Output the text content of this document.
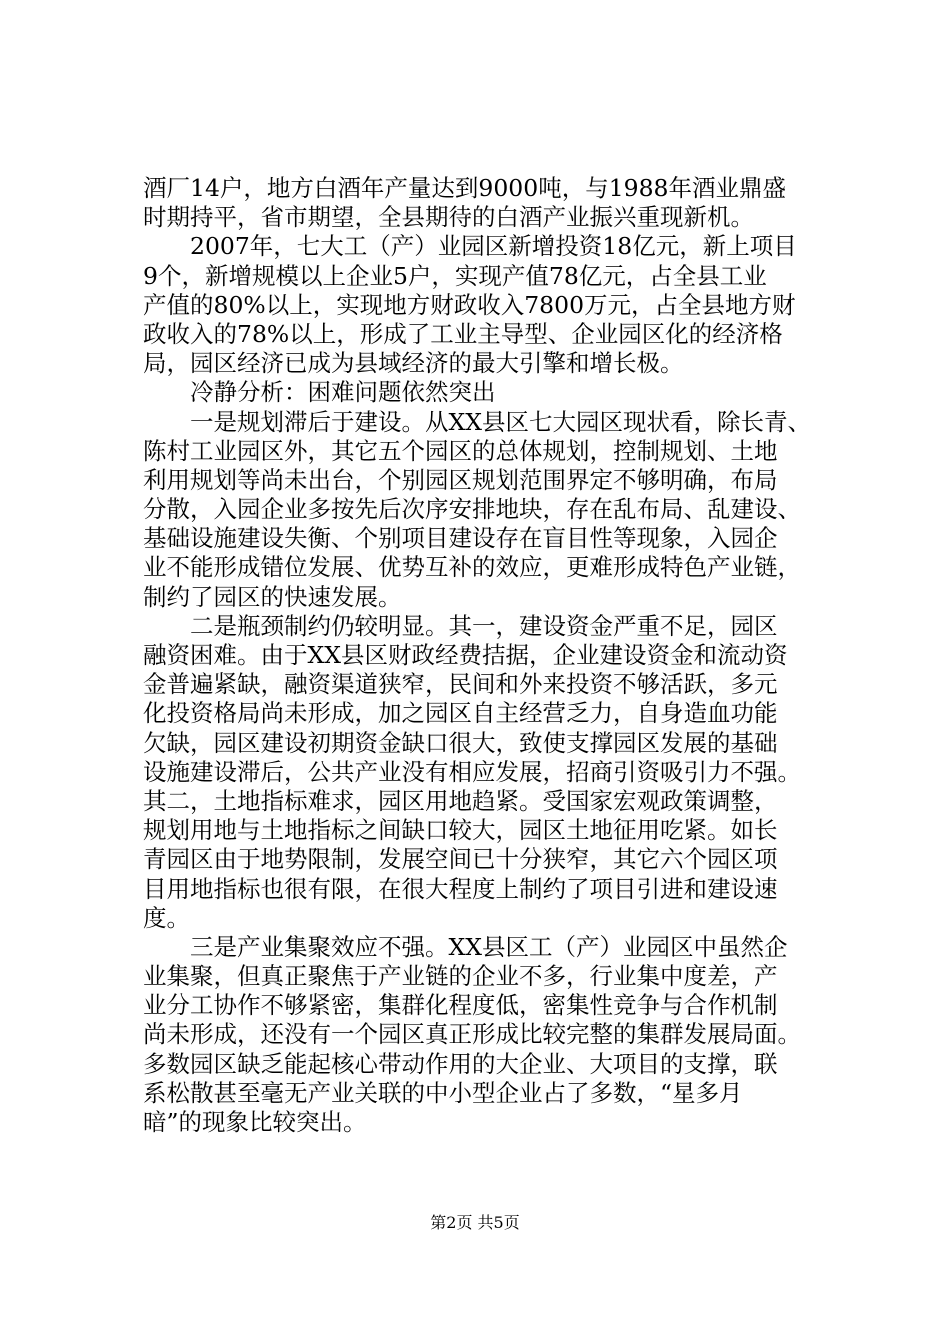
酒厂14户，地方白酒年产量达到9000吨，与1988年酒业鼎盛
时期持平，省市期望，全县期待的白酒产业振兴重现新机。
2007年，七大工（产）业园区新增投资18亿元，新上项目
9个，新增规模以上企业5户，实现产值78亿元，占全县工业
产值的80%以上，实现地方财政收入7800万元，占全县地方财
政收入的78%以上，形成了工业主导型、企业园区化的经济格
局，园区经济已成为县域经济的最大引擎和增长极。
冷静分析：困难问题依然突出
一是规划滞后于建设。从XX县区七大园区现状看，除长青、
陈村工业园区外，其它五个园区的总体规划，控制规划、土地
利用规划等尚未出台，个别园区规划范围界定不够明确，布局
分散，入园企业多按先后次序安排地块，存在乱布局、乱建设、
基础设施建设失衡、个别项目建设存在盲目性等现象，入园企
业不能形成错位发展、优势互补的效应，更难形成特色产业链，
制约了园区的快速发展。
二是瓶颈制约仍较明显。其一，建设资金严重不足，园区
融资困难。由于XX县区财政经费拮据，企业建设资金和流动资
金普遍紧缺，融资渠道狭窄，民间和外来投资不够活跃，多元
化投资格局尚未形成，加之园区自主经营乏力，自身造血功能
欠缺，园区建设初期资金缺口很大，致使支撑园区发展的基础
设施建设滞后，公共产业没有相应发展，招商引资吸引力不强。
其二，土地指标难求，园区用地趋紧。受国家宏观政策调整，
规划用地与土地指标之间缺口较大，园区土地征用吃紧。如长
青园区由于地势限制，发展空间已十分狭窄，其它六个园区项
目用地指标也很有限，在很大程度上制约了项目引进和建设速
度。
三是产业集聚效应不强。XX县区工（产）业园区中虽然企
业集聚，但真正聚焦于产业链的企业不多，行业集中度差，产
业分工协作不够紧密，集群化程度低，密集性竞争与合作机制
尚未形成，还没有一个园区真正形成比较完整的集群发展局面。
多数园区缺乏能起核心带动作用的大企业、大项目的支撑，联
系松散甚至毫无产业关联的中小型企业占了多数，“星多月
暗”的现象比较突出。
第2页 共5页
